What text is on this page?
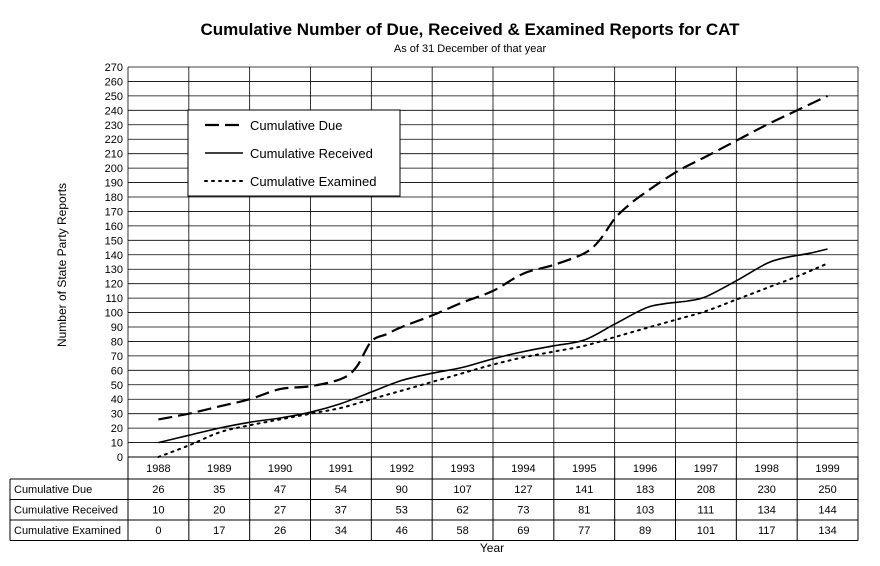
Cumulative Number of Due, Received & Examined Reports for CAT
As of 31 December of that year
0
10
20
30
40
50
60
70
80
90
100
110
120
130
140
150
160
170
180
190
200
210
220
230
240
250
260
270
Cumulative Due
Cumulative Received
Cumulative Examined
1988	1989	1990	1991	1992	1993	1994	1995	1996	1997	1998	1999
Cumulative Due	26	35	47	54	90	107	127	141	183	208	230	250
Cumulative Received	10	20	27	37	53	62	73	81	103	111	134	144
Cumulative Examined	0	17	26	34	46	58	69	77	89	101	117	134
Number of State Party Reports
Year
